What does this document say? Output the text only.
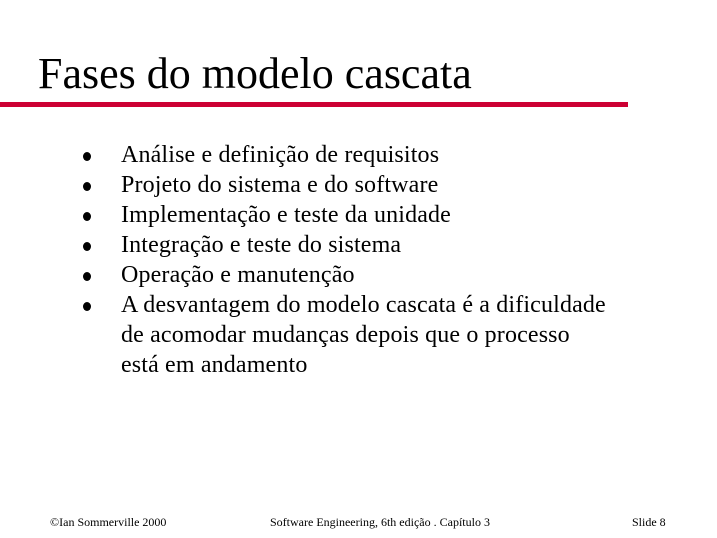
Fases do modelo cascata
Análise e definição de requisitos
Projeto do sistema e do software
Implementação e teste da unidade
Integração e teste do sistema
Operação e manutenção
A desvantagem do modelo cascata é a dificuldade
de acomodar mudanças depois que o processo
está em andamento
©Ian Sommerville 2000	Software Engineering, 6th edição . Capítulo 3	Slide 8
